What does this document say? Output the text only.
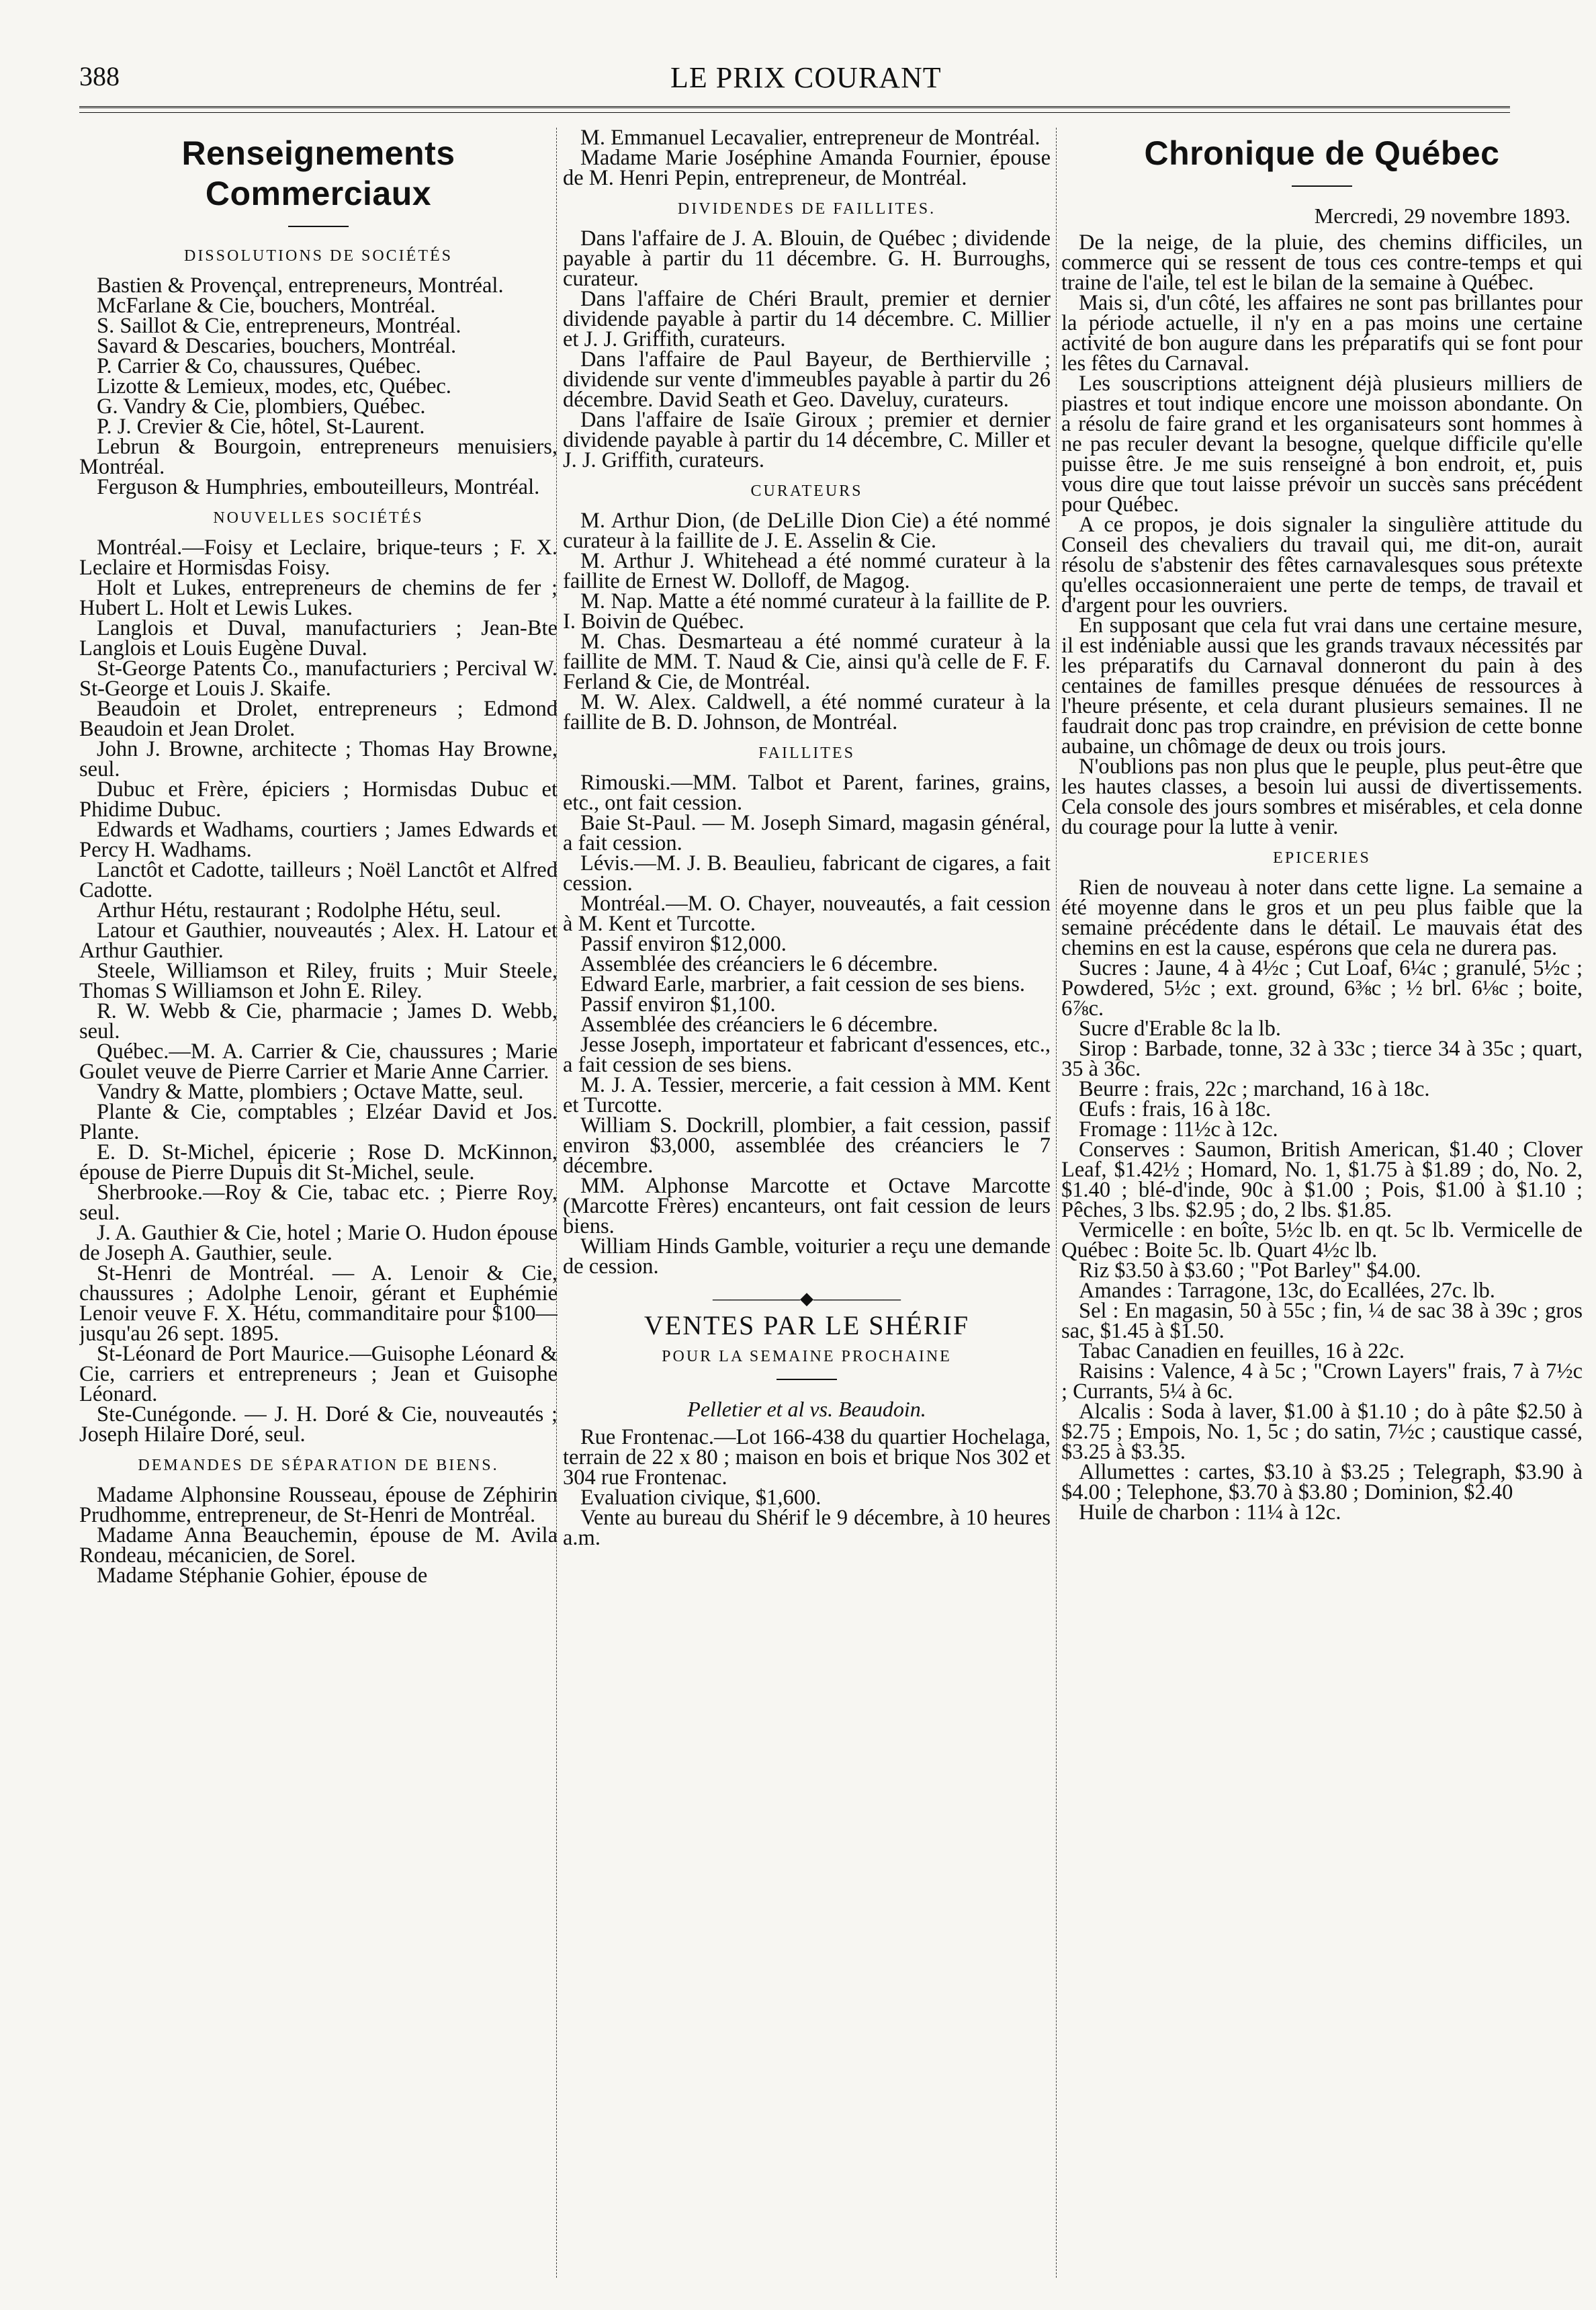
388	LE PRIX COURANT
Renseignements Commerciaux
DISSOLUTIONS DE SOCIÉTÉS

Bastien & Provençal, entrepreneurs, Montréal.

McFarlane & Cie, bouchers, Montréal.

S. Saillot & Cie, entrepreneurs, Montréal.

Savard & Descaries, bouchers, Montréal.

P. Carrier & Co, chaussures, Québec.

Lizotte & Lemieux, modes, etc, Québec.

G. Vandry & Cie, plombiers, Québec.

P. J. Crevier & Cie, hôtel, St-Laurent.

Lebrun & Bourgoin, entrepreneurs menuisiers, Montréal.

Ferguson & Humphries, embouteilleurs, Montréal.

NOUVELLES SOCIÉTÉS

Montréal.—Foisy et Leclaire, brique-teurs ; F. X. Leclaire et Hormisdas Foisy.

Holt et Lukes, entrepreneurs de chemins de fer ; Hubert L. Holt et Lewis Lukes.

Langlois et Duval, manufacturiers ; Jean-Bte Langlois et Louis Eugène Duval.

St-George Patents Co., manufacturiers ; Percival W. St-George et Louis J. Skaife.

Beaudoin et Drolet, entrepreneurs ; Edmond Beaudoin et Jean Drolet.

John J. Browne, architecte ; Thomas Hay Browne, seul.

Dubuc et Frère, épiciers ; Hormisdas Dubuc et Phidime Dubuc.

Edwards et Wadhams, courtiers ; James Edwards et Percy H. Wadhams.

Lanctôt et Cadotte, tailleurs ; Noël Lanctôt et Alfred Cadotte.

Arthur Hétu, restaurant ; Rodolphe Hétu, seul.

Latour et Gauthier, nouveautés ; Alex. H. Latour et Arthur Gauthier.

Steele, Williamson et Riley, fruits ; Muir Steele, Thomas S Williamson et John E. Riley.

R. W. Webb & Cie, pharmacie ; James D. Webb, seul.

Québec.—M. A. Carrier & Cie, chaussures ; Marie Goulet veuve de Pierre Carrier et Marie Anne Carrier.

Vandry & Matte, plombiers ; Octave Matte, seul.

Plante & Cie, comptables ; Elzéar David et Jos. Plante.

E. D. St-Michel, épicerie ; Rose D. McKinnon, épouse de Pierre Dupuis dit St-Michel, seule.

Sherbrooke.—Roy & Cie, tabac etc. ; Pierre Roy, seul.

J. A. Gauthier & Cie, hotel ; Marie O. Hudon épouse de Joseph A. Gauthier, seule.

St-Henri de Montréal. — A. Lenoir & Cie, chaussures ; Adolphe Lenoir, gérant et Euphémie Lenoir veuve F. X. Hétu, commanditaire pour $100—jusqu'au 26 sept. 1895.

St-Léonard de Port Maurice.—Guisophe Léonard & Cie, carriers et entrepreneurs ; Jean et Guisophe Léonard.

Ste-Cunégonde. — J. H. Doré & Cie, nouveautés ; Joseph Hilaire Doré, seul.

DEMANDES DE SÉPARATION DE BIENS.

Madame Alphonsine Rousseau, épouse de Zéphirin Prudhomme, entrepreneur, de St-Henri de Montréal.

Madame Anna Beauchemin, épouse de M. Avila Rondeau, mécanicien, de Sorel.

Madame Stéphanie Gohier, épouse de

M. Emmanuel Lecavalier, entrepreneur de Montréal.

Madame Marie Joséphine Amanda Fournier, épouse de M. Henri Pepin, entrepreneur, de Montréal.

DIVIDENDES DE FAILLITES.

Dans l'affaire de J. A. Blouin, de Québec ; dividende payable à partir du 11 décembre. G. H. Burroughs, curateur.

Dans l'affaire de Chéri Brault, premier et dernier dividende payable à partir du 14 décembre. C. Millier et J. J. Griffith, curateurs.

Dans l'affaire de Paul Bayeur, de Berthierville ; dividende sur vente d'immeubles payable à partir du 26 décembre. David Seath et Geo. Daveluy, curateurs.

Dans l'affaire de Isaïe Giroux ; premier et dernier dividende payable à partir du 14 décembre, C. Miller et J. J. Griffith, curateurs.

CURATEURS

M. Arthur Dion, (de DeLille Dion Cie) a été nommé curateur à la faillite de J. E. Asselin & Cie.

M. Arthur J. Whitehead a été nommé curateur à la faillite de Ernest W. Dolloff, de Magog.

M. Nap. Matte a été nommé curateur à la faillite de P. I. Boivin de Québec.

M. Chas. Desmarteau a été nommé curateur à la faillite de MM. T. Naud & Cie, ainsi qu'à celle de F. F. Ferland & Cie, de Montréal.

M. W. Alex. Caldwell, a été nommé curateur à la faillite de B. D. Johnson, de Montréal.

FAILLITES

Rimouski.—MM. Talbot et Parent, farines, grains, etc., ont fait cession.

Baie St-Paul. — M. Joseph Simard, magasin général, a fait cession.

Lévis.—M. J. B. Beaulieu, fabricant de cigares, a fait cession.

Montréal.—M. O. Chayer, nouveautés, a fait cession à M. Kent et Turcotte.

Passif environ $12,000.

Assemblée des créanciers le 6 décembre.

Edward Earle, marbrier, a fait cession de ses biens.

Passif environ $1,100.

Assemblée des créanciers le 6 décembre.

Jesse Joseph, importateur et fabricant d'essences, etc., a fait cession de ses biens.

M. J. A. Tessier, mercerie, a fait cession à MM. Kent et Turcotte.

William S. Dockrill, plombier, a fait cession, passif environ $3,000, assemblée des créanciers le 7 décembre.

MM. Alphonse Marcotte et Octave Marcotte (Marcotte Frères) encanteurs, ont fait cession de leurs biens.

William Hinds Gamble, voiturier a reçu une demande de cession.

—————◆—————
VENTES PAR LE SHÉRIF
POUR LA SEMAINE PROCHAINE
Pelletier et al vs. Beaudoin.

Rue Frontenac.—Lot 166-438 du quartier Hochelaga, terrain de 22 x 80 ; maison en bois et brique Nos 302 et 304 rue Frontenac.

Evaluation civique, $1,600.

Vente au bureau du Shérif le 9 décembre, à 10 heures a.m.

Chronique de Québec
Mercredi, 29 novembre 1893.

De la neige, de la pluie, des chemins difficiles, un commerce qui se ressent de tous ces contre-temps et qui traine de l'aile, tel est le bilan de la semaine à Québec.

Mais si, d'un côté, les affaires ne sont pas brillantes pour la période actuelle, il n'y en a pas moins une certaine activité de bon augure dans les préparatifs qui se font pour les fêtes du Carnaval.

Les souscriptions atteignent déjà plusieurs milliers de piastres et tout indique encore une moisson abondante. On a résolu de faire grand et les organisateurs sont hommes à ne pas reculer devant la besogne, quelque difficile qu'elle puisse être. Je me suis renseigné à bon endroit, et, puis vous dire que tout laisse prévoir un succès sans précédent pour Québec.

A ce propos, je dois signaler la singulière attitude du Conseil des chevaliers du travail qui, me dit-on, aurait résolu de s'abstenir des fêtes carnavalesques sous prétexte qu'elles occasionneraient une perte de temps, de travail et d'argent pour les ouvriers.

En supposant que cela fut vrai dans une certaine mesure, il est indéniable aussi que les grands travaux nécessités par les préparatifs du Carnaval donneront du pain à des centaines de familles presque dénuées de ressources à l'heure présente, et cela durant plusieurs semaines. Il ne faudrait donc pas trop craindre, en prévision de cette bonne aubaine, un chômage de deux ou trois jours.

N'oublions pas non plus que le peuple, plus peut-être que les hautes classes, a besoin lui aussi de divertissements. Cela console des jours sombres et misérables, et cela donne du courage pour la lutte à venir.

EPICERIES

Rien de nouveau à noter dans cette ligne. La semaine a été moyenne dans le gros et un peu plus faible que la semaine précédente dans le détail. Le mauvais état des chemins en est la cause, espérons que cela ne durera pas.

Sucres : Jaune, 4 à 4½c ; Cut Loaf, 6¼c ; granulé, 5½c ; Powdered, 5½c ; ext. ground, 6⅜c ; ½ brl. 6⅛c ; boite, 6⅞c.

Sucre d'Erable 8c la lb.

Sirop : Barbade, tonne, 32 à 33c ; tierce 34 à 35c ; quart, 35 à 36c.

Beurre : frais, 22c ; marchand, 16 à 18c.

Œufs : frais, 16 à 18c.

Fromage : 11½c à 12c.

Conserves : Saumon, British American, $1.40 ; Clover Leaf, $1.42½ ; Homard, No. 1, $1.75 à $1.89 ; do, No. 2, $1.40 ; blé-d'inde, 90c à $1.00 ; Pois, $1.00 à $1.10 ; Pêches, 3 lbs. $2.95 ; do, 2 lbs. $1.85.

Vermicelle : en boîte, 5½c lb. en qt. 5c lb. Vermicelle de Québec : Boite 5c. lb. Quart 4½c lb.

Riz $3.50 à $3.60 ; "Pot Barley" $4.00.

Amandes : Tarragone, 13c, do Ecallées, 27c. lb.

Sel : En magasin, 50 à 55c ; fin, ¼ de sac 38 à 39c ; gros sac, $1.45 à $1.50.

Tabac Canadien en feuilles, 16 à 22c.

Raisins : Valence, 4 à 5c ; "Crown Layers" frais, 7 à 7½c ; Currants, 5¼ à 6c.

Alcalis : Soda à laver, $1.00 à $1.10 ; do à pâte $2.50 à $2.75 ; Empois, No. 1, 5c ; do satin, 7½c ; caustique cassé, $3.25 à $3.35.

Allumettes : cartes, $3.10 à $3.25 ; Telegraph, $3.90 à $4.00 ; Telephone, $3.70 à $3.80 ; Dominion, $2.40

Huile de charbon : 11¼ à 12c.
